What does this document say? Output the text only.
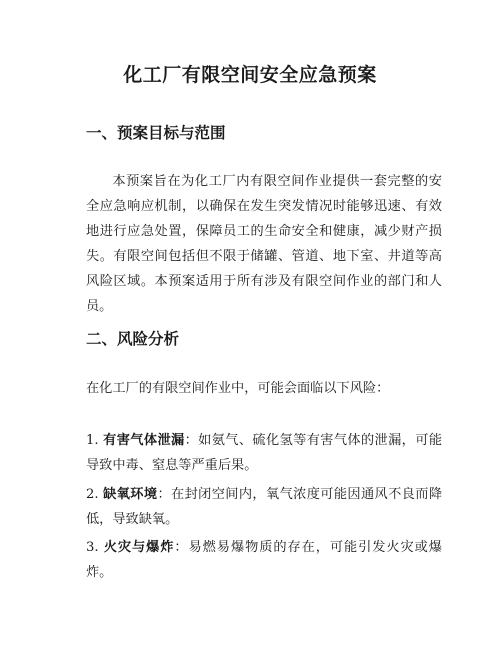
化工厂有限空间安全应急预案
一、预案目标与范围
本预案旨在为化工厂内有限空间作业提供一套完整的安全应急响应机制，以确保在发生突发情况时能够迅速、有效地进行应急处置，保障员工的生命安全和健康，减少财产损失。有限空间包括但不限于储罐、管道、地下室、井道等高风险区域。本预案适用于所有涉及有限空间作业的部门和人员。
二、风险分析
在化工厂的有限空间作业中，可能会面临以下风险：
1. 有害气体泄漏：如氨气、硫化氢等有害气体的泄漏，可能导致中毒、窒息等严重后果。
2. 缺氧环境：在封闭空间内，氧气浓度可能因通风不良而降低，导致缺氧。
3. 火灾与爆炸：易燃易爆物质的存在，可能引发火灾或爆炸。
